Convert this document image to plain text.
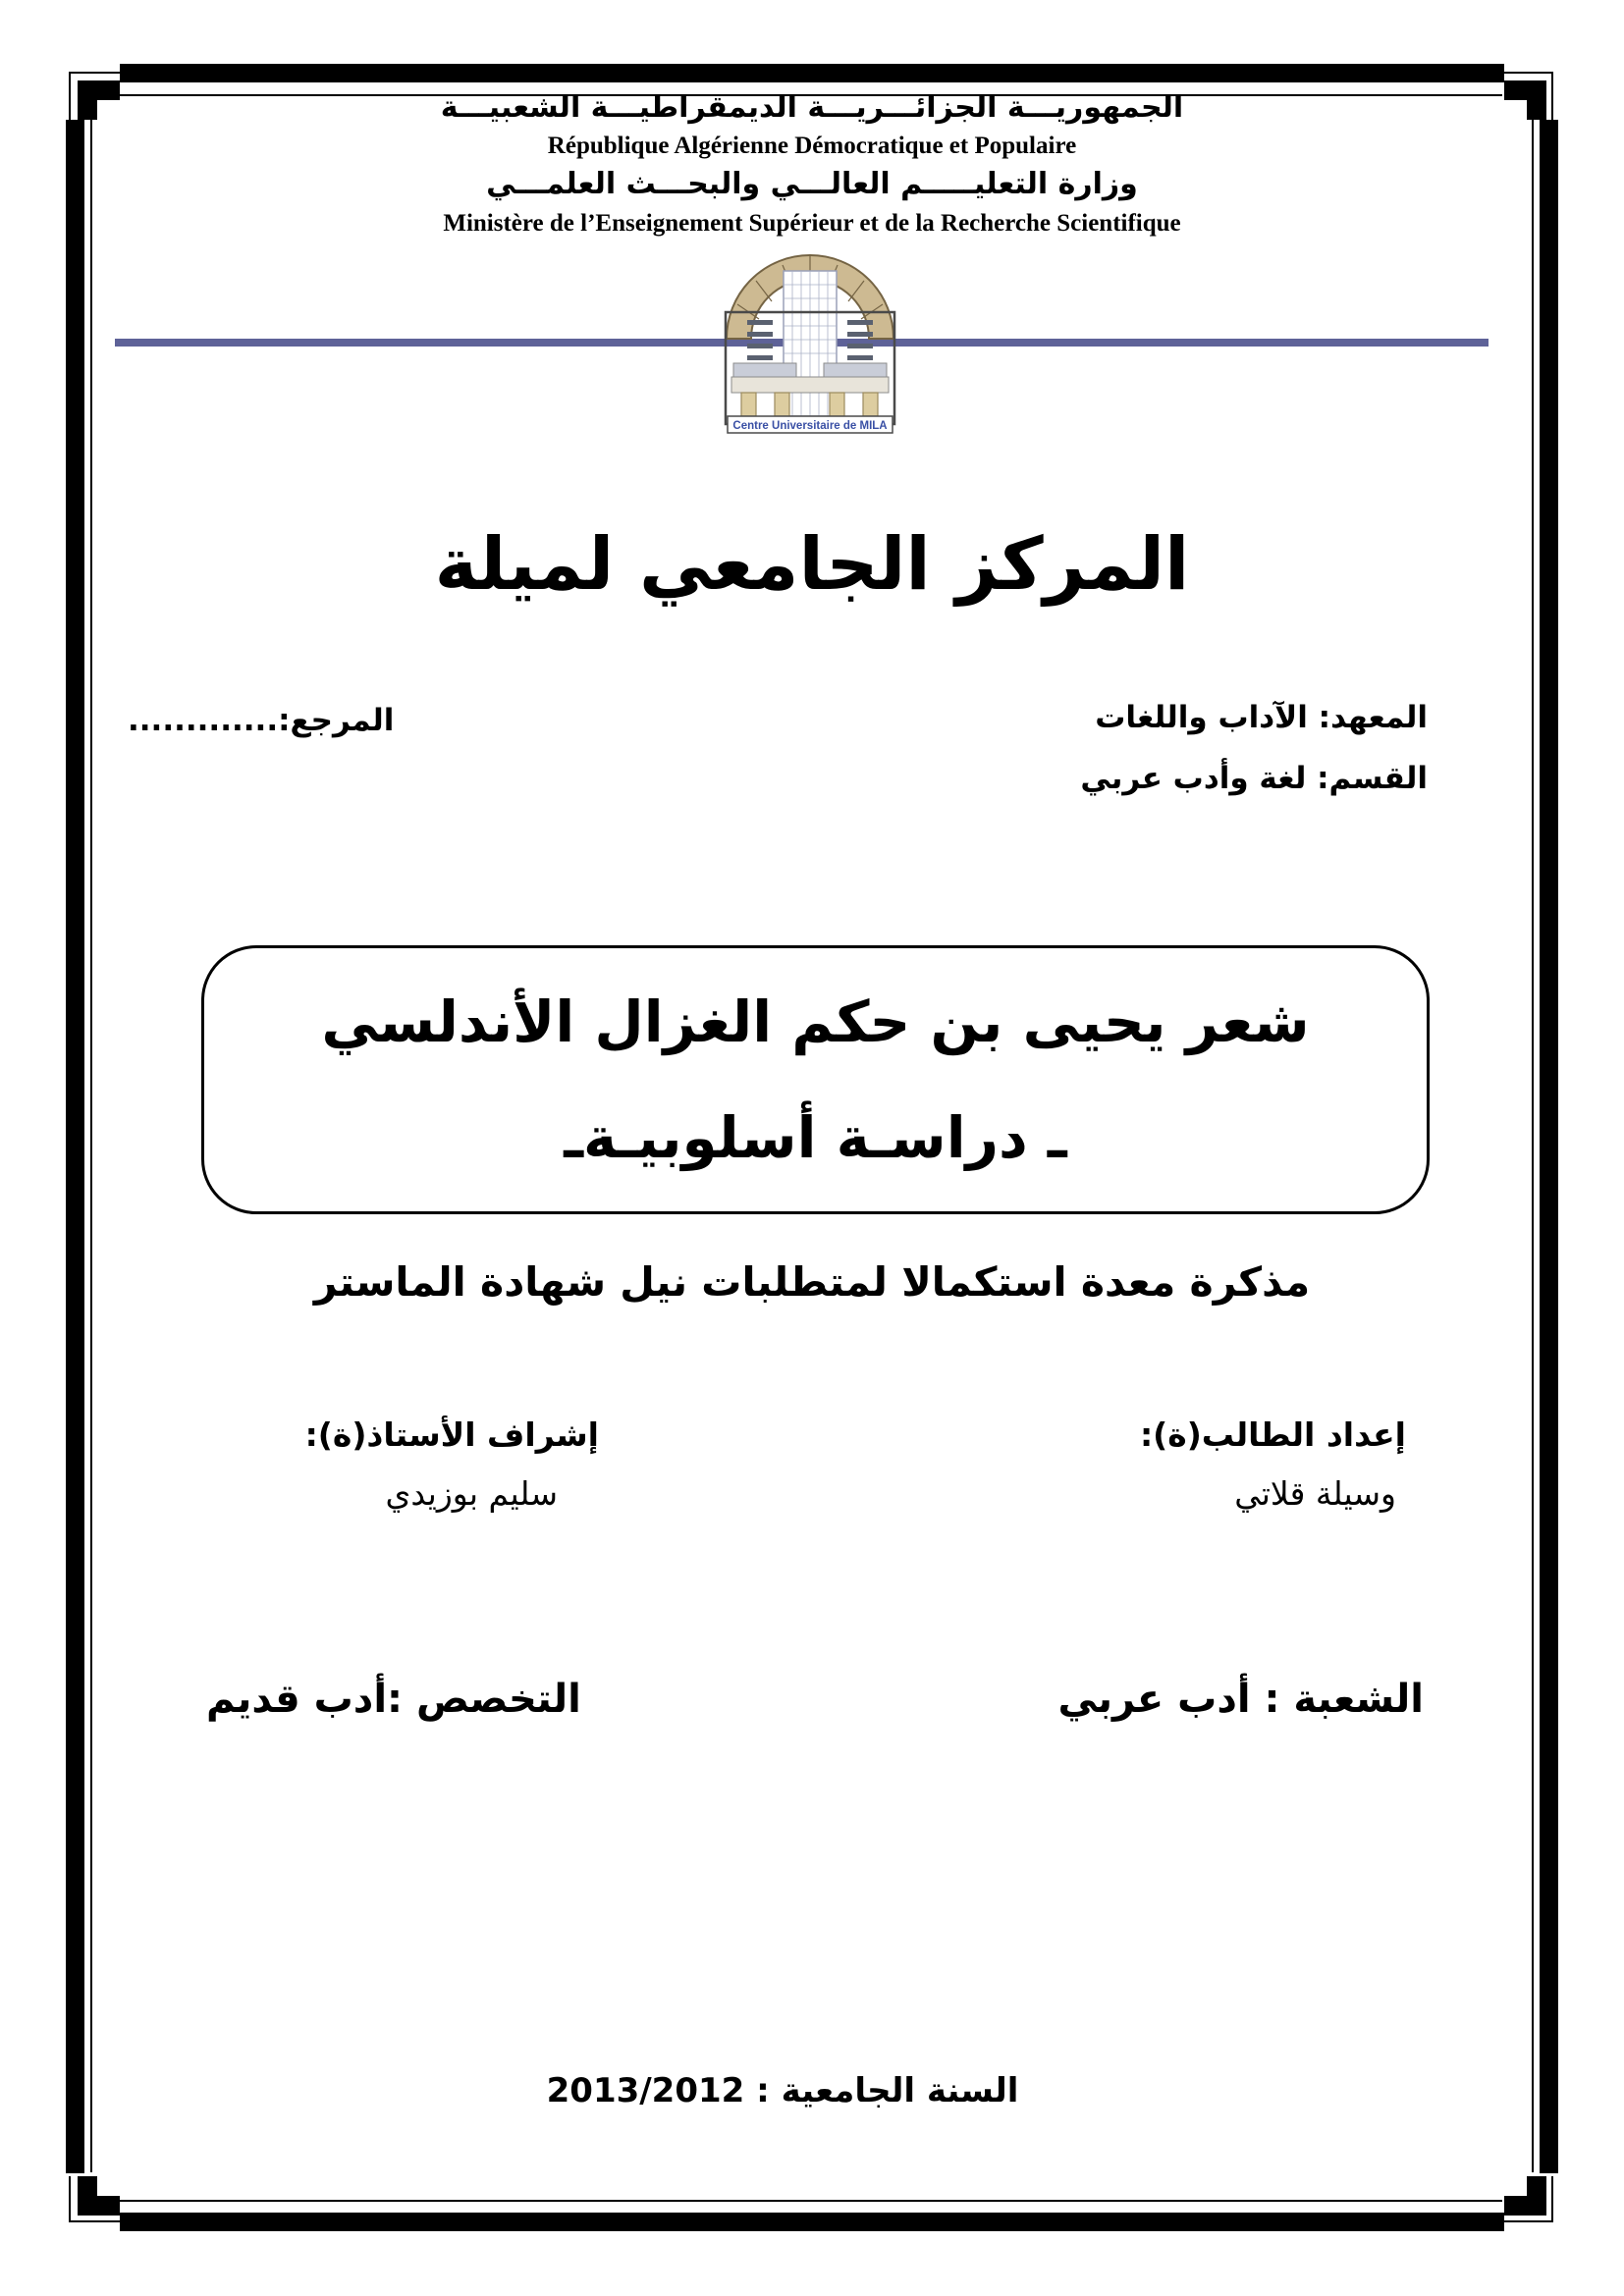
الجمهوريـــة الجزائـــريـــة الديمقراطيـــة الشعبيـــة
République Algérienne Démocratique et Populaire
وزارة التعليـــــم العالـــي والبحـــث العلمـــي
Ministère de l’Enseignement Supérieur et de la Recherche Scientifique
Centre Universitaire de MILA
المركز الجامعي لميلة
المعهد: الآداب واللغات
القسم: لغة وأدب عربي
المرجع:.............
شعر يحيى بن حكم الغزال الأندلسي
ـ دراسـة أسلوبيـةـ
مذكرة معدة استكمالا لمتطلبات نيل شهادة الماستر
إعداد الطالب(ة):
وسيلة قلاتي
إشراف الأستاذ(ة):
سليم بوزيدي
الشعبة : أدب عربي
التخصص :أدب قديم
السنة الجامعية : 2013/2012
